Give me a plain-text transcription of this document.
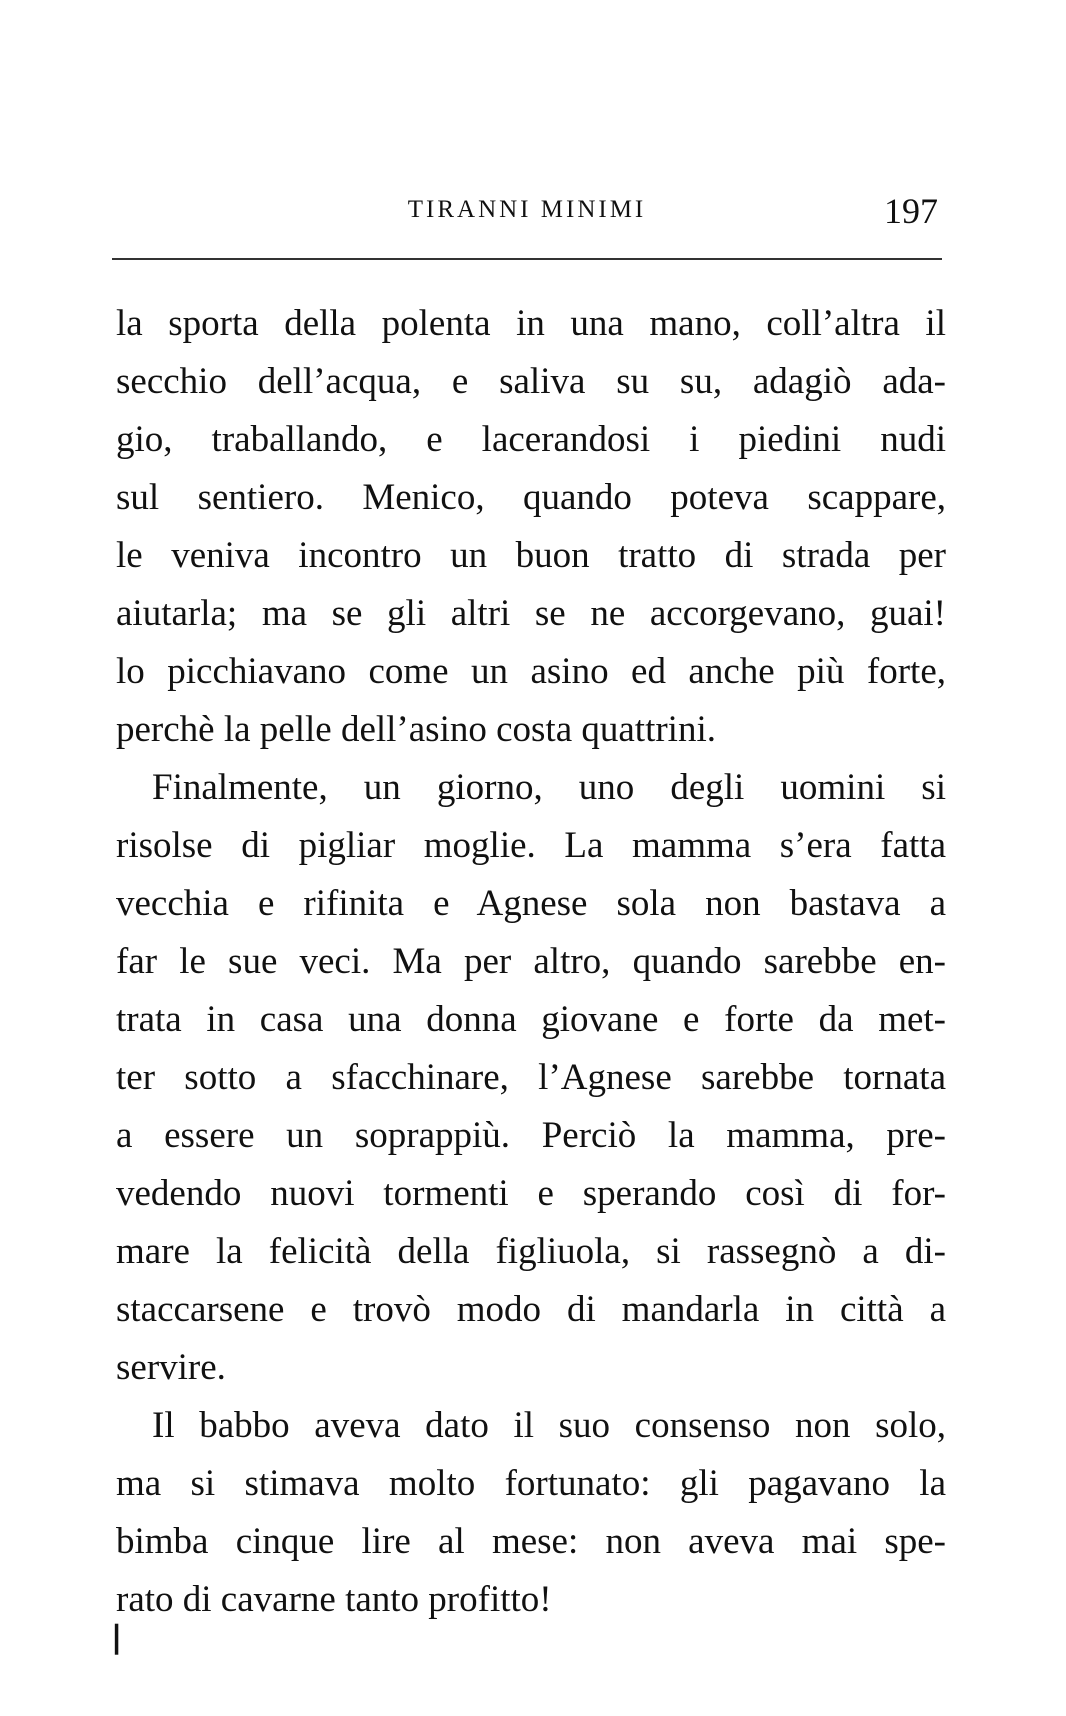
TIRANNI MINIMI	197
la sporta della polenta in una mano, coll’altra il
secchio dell’acqua, e saliva su su, adagiò ada-
gio, traballando, e lacerandosi i piedini nudi
sul sentiero. Menico, quando poteva scappare,
le veniva incontro un buon tratto di strada per
aiutarla; ma se gli altri se ne accorgevano, guai!
lo picchiavano come un asino ed anche più forte,
perchè la pelle dell’asino costa quattrini.
Finalmente, un giorno, uno degli uomini si
risolse di pigliar moglie. La mamma s’era fatta
vecchia e rifinita e Agnese sola non bastava a
far le sue veci. Ma per altro, quando sarebbe en-
trata in casa una donna giovane e forte da met-
ter sotto a sfacchinare, l’Agnese sarebbe tornata
a essere un soprappiù. Perciò la mamma, pre-
vedendo nuovi tormenti e sperando così di for-
mare la felicità della figliuola, si rassegnò a di-
staccarsene e trovò modo di mandarla in città a
servire.
Il babbo aveva dato il suo consenso non solo,
ma si stimava molto fortunato: gli pagavano la
bimba cinque lire al mese: non aveva mai spe-
rato di cavarne tanto profitto!
❘
